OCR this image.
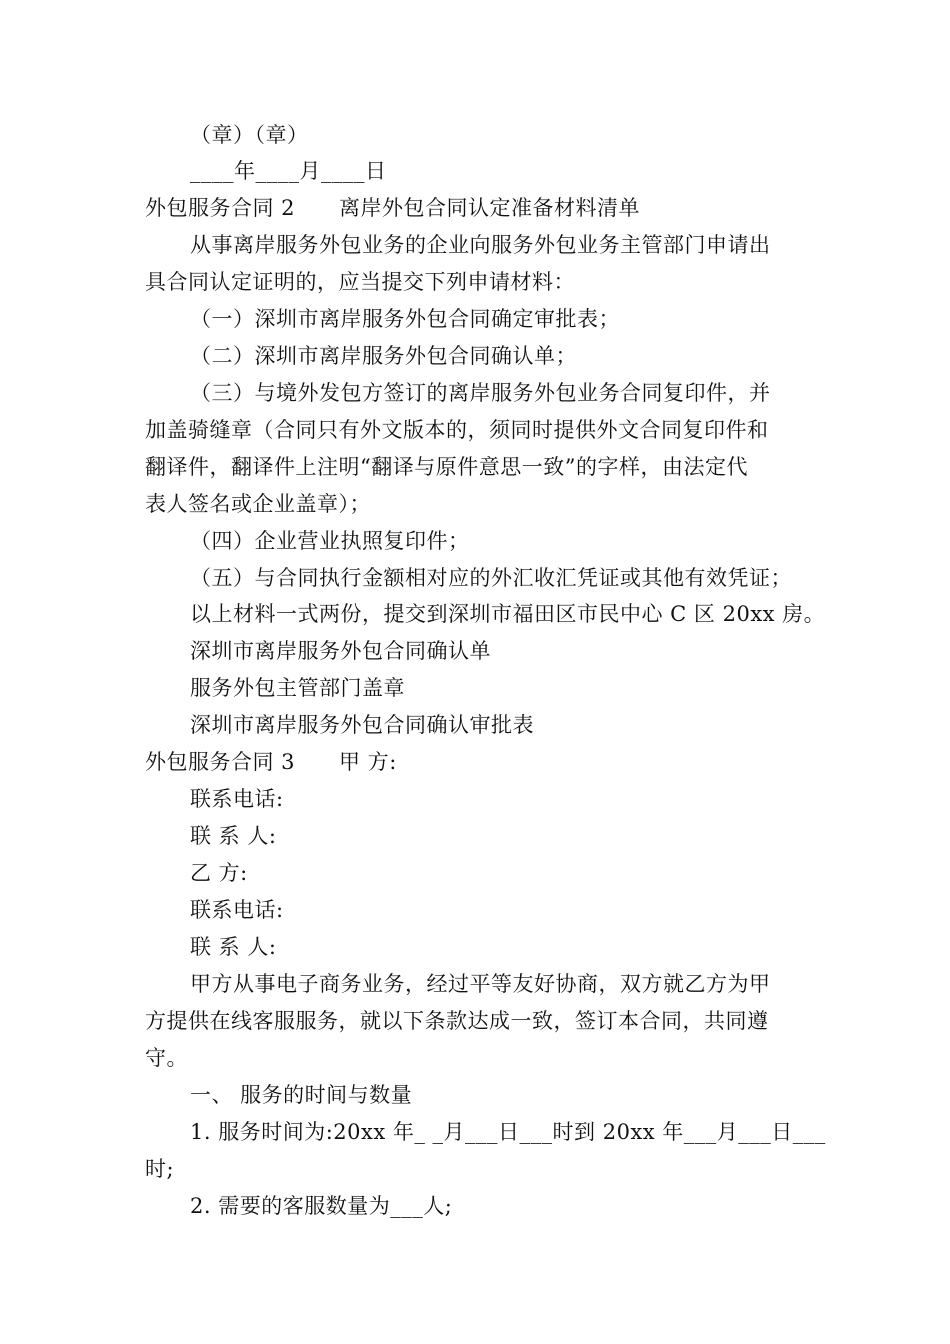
（章）（章）
____年____月____日
外包服务合同 2 离岸外包合同认定准备材料清单
从事离岸服务外包业务的企业向服务外包业务主管部门申请出
具合同认定证明的，应当提交下列申请材料：
（一）深圳市离岸服务外包合同确定审批表；
（二）深圳市离岸服务外包合同确认单；
（三）与境外发包方签订的离岸服务外包业务合同复印件，并
加盖骑缝章（合同只有外文版本的，须同时提供外文合同复印件和
翻译件，翻译件上注明“翻译与原件意思一致”的字样，由法定代
表人签名或企业盖章）；
（四）企业营业执照复印件；
（五）与合同执行金额相对应的外汇收汇凭证或其他有效凭证；
以上材料一式两份，提交到深圳市福田区市民中心 C 区 20xx 房。
深圳市离岸服务外包合同确认单
服务外包主管部门盖章
深圳市离岸服务外包合同确认审批表
外包服务合同 3 甲 方:
联系电话:
联 系 人:
乙 方:
联系电话:
联 系 人:
甲方从事电子商务业务，经过平等友好协商，双方就乙方为甲
方提供在线客服服务，就以下条款达成一致，签订本合同，共同遵
守。
一、 服务的时间与数量
1. 服务时间为:20xx 年_ _月___日___时到 20xx 年___月___日___
时;
2. 需要的客服数量为___人;
